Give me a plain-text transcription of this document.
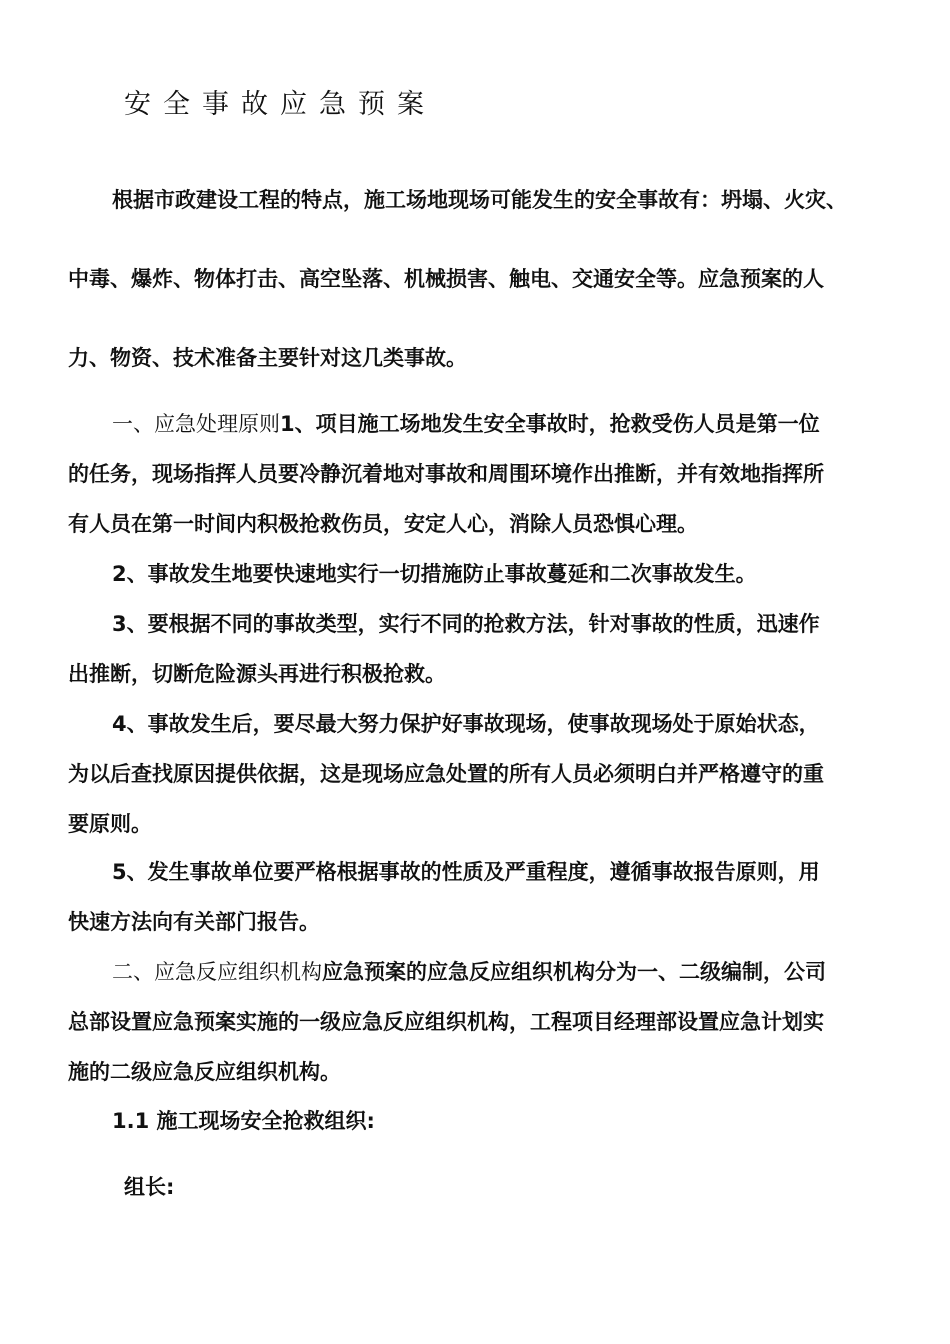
安全事故应急预案
根据市政建设工程的特点，施工场地现场可能发生的安全事故有：坍塌、火灾、
中毒、爆炸、物体打击、高空坠落、机械损害、触电、交通安全等。应急预案的人
力、物资、技术准备主要针对这几类事故。
一、应急处理原则1、项目施工场地发生安全事故时，抢救受伤人员是第一位
的任务，现场指挥人员要冷静沉着地对事故和周围环境作出推断，并有效地指挥所
有人员在第一时间内积极抢救伤员，安定人心，消除人员恐惧心理。
2、事故发生地要快速地实行一切措施防止事故蔓延和二次事故发生。
3、要根据不同的事故类型，实行不同的抢救方法，针对事故的性质，迅速作
出推断，切断危险源头再进行积极抢救。
4、事故发生后，要尽最大努力保护好事故现场，使事故现场处于原始状态，
为以后查找原因提供依据，这是现场应急处置的所有人员必须明白并严格遵守的重
要原则。
5、发生事故单位要严格根据事故的性质及严重程度，遵循事故报告原则，用
快速方法向有关部门报告。
二、应急反应组织机构应急预案的应急反应组织机构分为一、二级编制，公司
总部设置应急预案实施的一级应急反应组织机构，工程项目经理部设置应急计划实
施的二级应急反应组织机构。
1.1 施工现场安全抢救组织:
组长:
